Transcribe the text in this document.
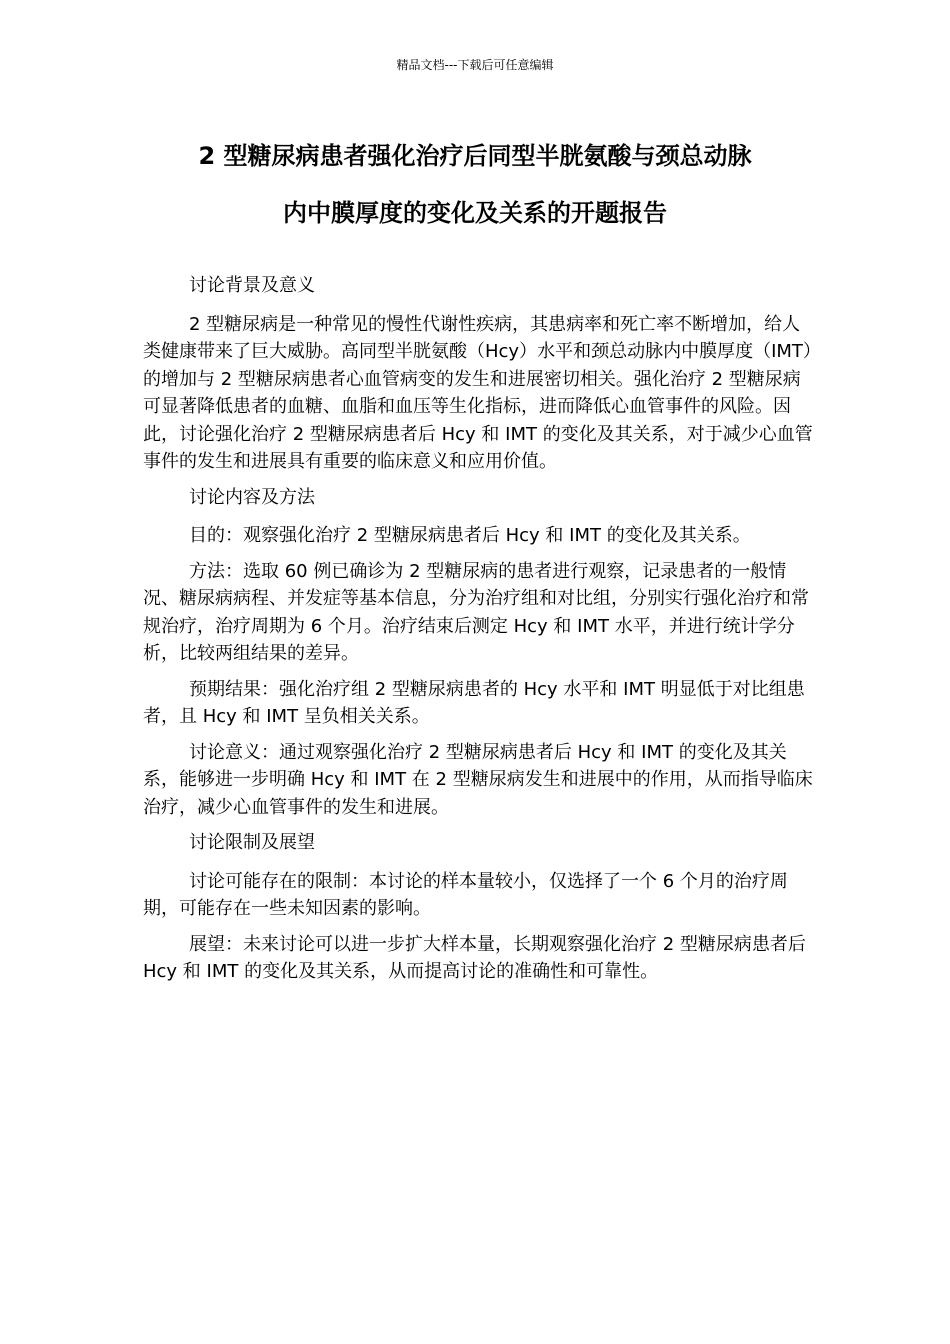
精品文档---下载后可任意编辑
2 型糖尿病患者强化治疗后同型半胱氨酸与颈总动脉
内中膜厚度的变化及关系的开题报告

讨论背景及意义

2 型糖尿病是一种常见的慢性代谢性疾病，其患病率和死亡率不断增加，给人类健康带来了巨大威胁。高同型半胱氨酸（Hcy）水平和颈总动脉内中膜厚度（IMT）的增加与 2 型糖尿病患者心血管病变的发生和进展密切相关。强化治疗 2 型糖尿病可显著降低患者的血糖、血脂和血压等生化指标，进而降低心血管事件的风险。因此，讨论强化治疗 2 型糖尿病患者后 Hcy 和 IMT 的变化及其关系，对于减少心血管事件的发生和进展具有重要的临床意义和应用价值。

讨论内容及方法

目的：观察强化治疗 2 型糖尿病患者后 Hcy 和 IMT 的变化及其关系。

方法：选取 60 例已确诊为 2 型糖尿病的患者进行观察，记录患者的一般情况、糖尿病病程、并发症等基本信息，分为治疗组和对比组，分别实行强化治疗和常规治疗，治疗周期为 6 个月。治疗结束后测定 Hcy 和 IMT 水平，并进行统计学分析，比较两组结果的差异。

预期结果：强化治疗组 2 型糖尿病患者的 Hcy 水平和 IMT 明显低于对比组患者，且 Hcy 和 IMT 呈负相关关系。

讨论意义：通过观察强化治疗 2 型糖尿病患者后 Hcy 和 IMT 的变化及其关系，能够进一步明确 Hcy 和 IMT 在 2 型糖尿病发生和进展中的作用，从而指导临床治疗，减少心血管事件的发生和进展。

讨论限制及展望

讨论可能存在的限制：本讨论的样本量较小，仅选择了一个 6 个月的治疗周期，可能存在一些未知因素的影响。

展望：未来讨论可以进一步扩大样本量，长期观察强化治疗 2 型糖尿病患者后 Hcy 和 IMT 的变化及其关系，从而提高讨论的准确性和可靠性。
